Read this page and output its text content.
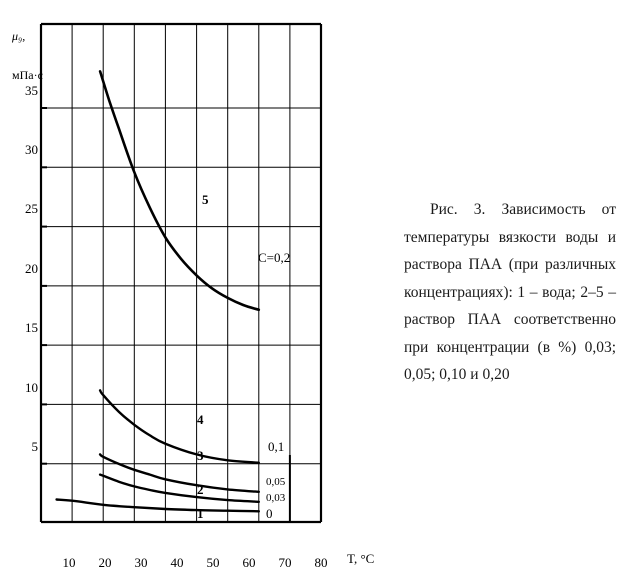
μ₉,

мПа·с

T, °C
35
30
25
20
15
10
5
10	20	30	40	50	60	70	80
5
4
3
2
1
C=0,2
0,1
0,05
0,03
0

Рис. 3. Зависимость от температуры вязкости воды и раствора ПАА (при различных концентрациях): 1 – вода; 2–5 – раствор ПАА соответственно при концентрации (в %) 0,03; 0,05; 0,10 и 0,20
